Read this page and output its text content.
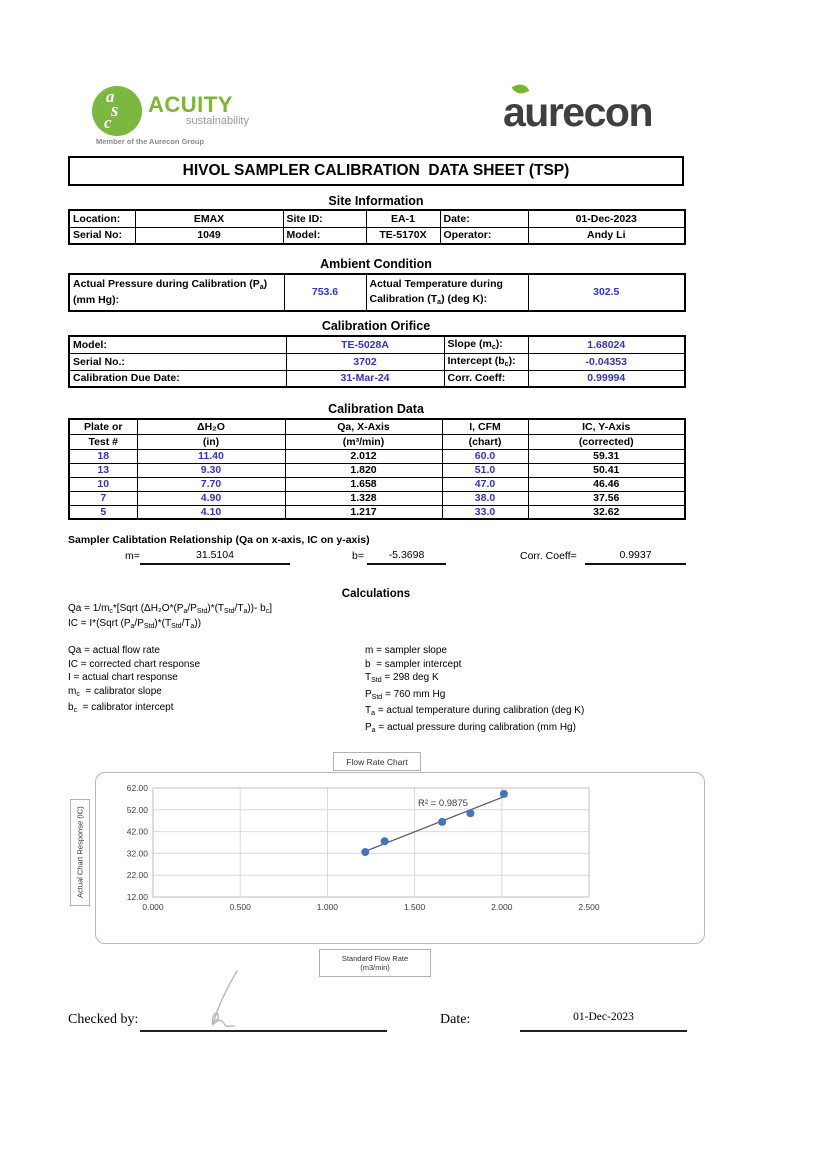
a
s
c
ACUITY
sustainability
Member of the Aurecon Group
aurecon
HIVOL SAMPLER CALIBRATION  DATA SHEET (TSP)
Site Information
Location:	EMAX	Site ID:	EA-1	Date:	01-Dec-2023
Serial No:	1049	Model:	TE-5170X	Operator:	Andy Li
Ambient Condition
Actual Pressure during Calibration $(P_a)$ (mm Hg):	753.6	Actual Temperature during Calibration $(T_a)$ (deg K):	302.5
Calibration Orifice
Model:	TE-5028A	Slope $(m_c)$:	1.68024
Serial No.:	3702	Intercept $(b_c)$:	-0.04353
Calibration Due Date:	31-Mar-24	Corr. Coeff:	0.99994
Calibration Data
Plate or	ΔH₂O	Qa, X-Axis	I, CFM	IC, Y-Axis
Test #	(in)	(m³/min)	(chart)	(corrected)
18	11.40	2.012	60.0	59.31
13	9.30	1.820	51.0	50.41
10	7.70	1.658	47.0	46.46
7	4.90	1.328	38.0	37.56
5	4.10	1.217	33.0	32.62
Sampler Calibtation Relationship (Qa on x-axis, IC on y-axis)
m=	31.5104	b=	-5.3698	Corr. Coeff=	0.9937
Calculations
$Qa = 1/m_c*[Sqrt$ $(\Delta H_2O*(P_a/P_{Std})*(T_{Std}/T_a))-$ $b_c$]
IC = I*(Sqrt $(P_a/P_{Std})*(T_{Std}/T_a)$)
Qa = actual flow rate
IC = corrected chart response
I = actual chart response
$m_c$  = calibrator slope
$b_c$  = calibrator intercept
m = sampler slope
b  = sampler intercept
$T_{Std} = 298$ deg K
$P_{Std} = 760$ mm Hg
$T_a$ = actual temperature during calibration (deg K)
$P_a$ = actual pressure during calibration (mm Hg)
Flow Rate Chart
0.000	0.500	1.000	1.500	2.000	2.500
62.00
52.00
42.00
32.00
22.00
12.00
R² = 0.9875
Actual Chart Response (IC)
Standard Flow Rate
(m3/min)
Checked by:	Date:	01-Dec-2023
